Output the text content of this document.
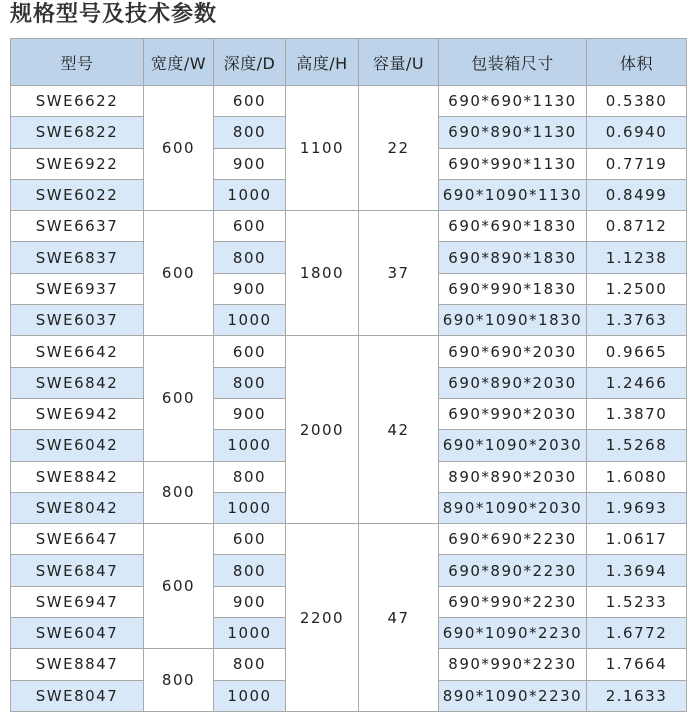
规格型号及技术参数
型号	宽度/W	深度/D	高度/H	容量/U	包装箱尺寸	体积
SWE6622	600	600	1100	22	690*690*1130	0.5380
SWE6822		800			690*890*1130	0.6940
SWE6922		900			690*990*1130	0.7719
SWE6022		1000			690*1090*1130	0.8499
SWE6637	600	600	1800	37	690*690*1830	0.8712
SWE6837		800			690*890*1830	1.1238
SWE6937		900			690*990*1830	1.2500
SWE6037		1000			690*1090*1830	1.3763
SWE6642	600	600	2000	42	690*690*2030	0.9665
SWE6842		800			690*890*2030	1.2466
SWE6942		900			690*990*2030	1.3870
SWE6042		1000			690*1090*2030	1.5268
SWE8842	800	800			890*890*2030	1.6080
SWE8042		1000			890*1090*2030	1.9693
SWE6647	600	600	2200	47	690*690*2230	1.0617
SWE6847		800			690*890*2230	1.3694
SWE6947		900			690*990*2230	1.5233
SWE6047		1000			690*1090*2230	1.6772
SWE8847	800	800			890*990*2230	1.7664
SWE8047		1000			890*1090*2230	2.1633
